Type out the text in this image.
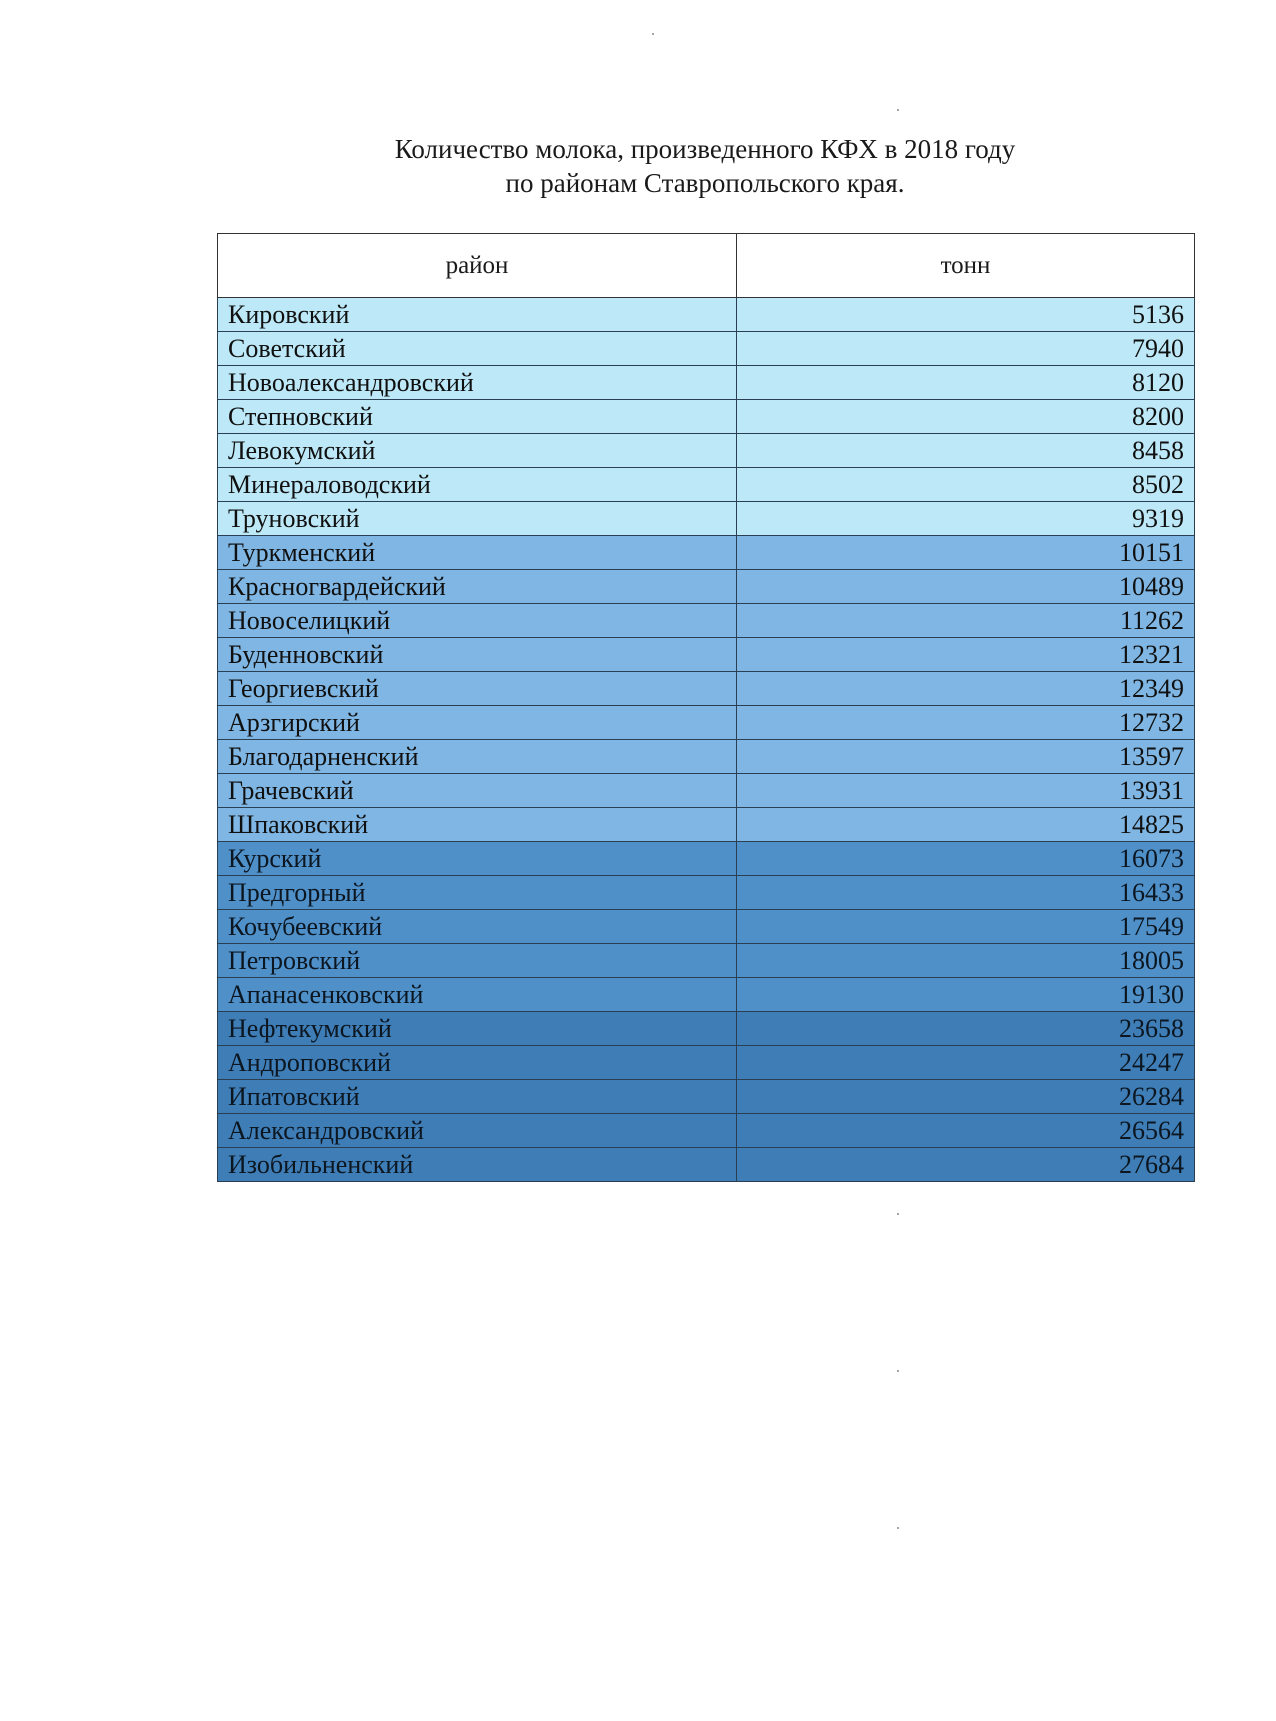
Количество молока, произведенного КФХ в 2018 году
по районам Ставропольского края.
район	тонн
Кировский	5136
Советский	7940
Новоалександровский	8120
Степновский	8200
Левокумский	8458
Минераловодский	8502
Труновский	9319
Туркменский	10151
Красногвардейский	10489
Новоселицкий	11262
Буденновский	12321
Георгиевский	12349
Арзгирский	12732
Благодарненский	13597
Грачевский	13931
Шпаковский	14825
Курский	16073
Предгорный	16433
Кочубеевский	17549
Петровский	18005
Апанасенковский	19130
Нефтекумский	23658
Андроповский	24247
Ипатовский	26284
Александровский	26564
Изобильненский	27684
